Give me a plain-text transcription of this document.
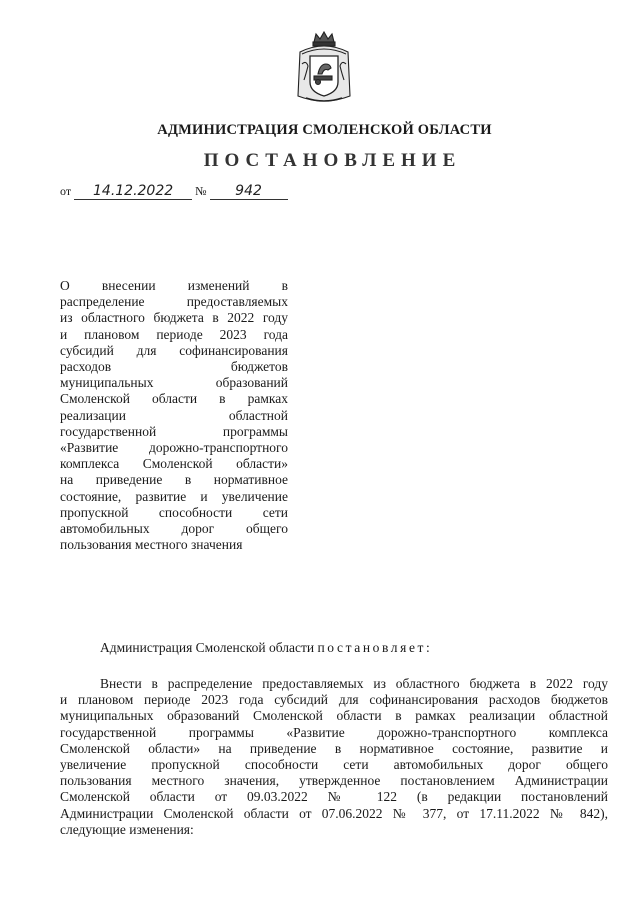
АДМИНИСТРАЦИЯ СМОЛЕНСКОЙ ОБЛАСТИ
ПОСТАНОВЛЕНИЕ
от 14.12.2022 № 942
О внесении изменений в
распределение предоставляемых
из областного бюджета в 2022 году
и плановом периоде 2023 года
субсидий для софинансирования
расходов бюджетов
муниципальных образований
Смоленской области в рамках
реализации областной
государственной программы
«Развитие дорожно-транспортного
комплекса Смоленской области»
на приведение в нормативное
состояние, развитие и увеличение
пропускной способности сети
автомобильных дорог общего
пользования местного значения
Администрация Смоленской области постановляет:
Внести в распределение предоставляемых из областного бюджета в 2022 году
и плановом периоде 2023 года субсидий для софинансирования расходов бюджетов
муниципальных образований Смоленской области в рамках реализации областной
государственной программы «Развитие дорожно-транспортного комплекса
Смоленской области» на приведение в нормативное состояние, развитие и
увеличение пропускной способности сети автомобильных дорог общего
пользования местного значения, утвержденное постановлением Администрации
Смоленской области от 09.03.2022 № 122 (в редакции постановлений
Администрации Смоленской области от 07.06.2022 № 377, от 17.11.2022 № 842),
следующие изменения:
